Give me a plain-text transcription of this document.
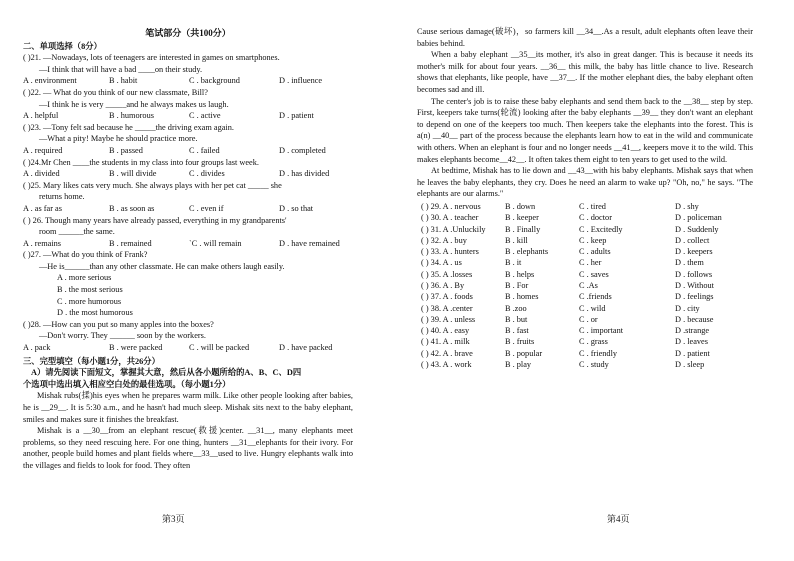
笔试部分（共100分）

二、单项选择（8分）

( )21. —Nowadays, lots of teenagers are interested in games on smartphones.

—I think that will have a bad ____on their study.

A . environment	B . habit	C . background	D . influence

( )22. — What do you think of our new classmate, Bill?

—I think he is very _____and he always makes us laugh.

A . helpful	B . humorous	C . active	D . patient

( )23. —Tony felt sad because he _____the driving exam again.

—What a pity! Maybe he should practice more.

A . required	B . passed	C . failed	D . completed

( )24.Mr Chen ____the students in my class into four groups last week.

A . divided	B . will divide	C . divides	D . has divided

( )25. Mary likes cats very much. She always plays with her pet cat _____ she

returns home.

A . as far as	B . as soon as	C . even if	D . so that

( ) 26. Though many years have already passed, everything in my grandparents'

room ______the same.

A . remains	B . remained	`C . will remain	D . have remained

( )27. —What do you think of Frank?

—He is______than any other classmate. He can make others laugh easily.

A . more serious

B . the most serious

C . more humorous

D . the most humorous

( )28. —How can you put so many apples into the boxes?

—Don't worry. They ______ soon by the workers.

A . pack	B . were packed	C . will be packed	D . have packed

三、完型填空（每小题1分，共26分）

A）请先阅读下面短文，掌握其大意，然后从各小题所给的A、B、C、D四

个选项中选出填入相应空白处的最佳选项。（每小题1分）

Mishak rubs(揉)his eyes when he prepares warm milk. Like other people looking after babies, he is __29__. It is 5:30 a.m., and he hasn't had much sleep. Mishak sits next to the baby elephant, smiles and makes sure it finishes the breakfast.

Mishak is a __30__from an elephant rescue(救援)center. __31__, many elephants meet problems, so they need rescuing here. For one thing, hunters __31__elephants for their ivory. For another, people build homes and plant fields where__33__used to live. Hungry elephants walk into the villages and fields to look for food. They often

第3页

Cause serious damage(破坏)，so farmers kill __34__.As a result, adult elephants often leave their babies behind.

When a baby elephant __35__its mother, it's also in great danger. This is because it needs its mother's milk for about four years. __36__ this milk, the baby has little chance to live. Research shows that elephants, like people, have __37__. If the mother elephant dies, the baby elephant often becomes sad and ill.

The center's job is to raise these baby elephants and send them back to the __38__ step by step. First, keepers take turns(轮流) looking after the baby elephants __39__ they don't want an elephant to depend on one of the keepers too much. Then keepers take the elephants into the forest. This is a(n) __40__ part of the process because the elephants learn how to eat in the wild and communicate with others. When an elephant is four and no longer needs __41__, keepers move it to the wild. This makes elephants become__42__. It often takes them eight to ten years to get used to the wild.

At bedtime, Mishak has to lie down and __43__with his baby elephants. Mishak says that when he leaves the baby elephants, they cry. Does he need an alarm to wake up? "Oh, no," he says. "The elephants are our alarms."

( ) 29. A . nervous	B . down	C . tired	D . shy

( ) 30. A . teacher	B . keeper	C . doctor	D . policeman

( ) 31. A .Unluckily	B . Finally	C . Excitedly	D . Suddenly

( ) 32. A . buy	B . kill	C . keep	D . collect

( ) 33. A . hunters	B . elephants	C . adults	D . keepers

( ) 34. A . us	B . it	C . her	D . them

( ) 35. A .losses	B . helps	C . saves	D . follows

( ) 36. A . By	B . For	C .As	D . Without

( ) 37. A . foods	B . homes	C .friends	D . feelings

( ) 38. A .center	B .zoo	C . wild	D . city

( ) 39. A . unless	B . but	C . or	D . because

( ) 40. A . easy	B . fast	C . important	D .strange

( ) 41. A . milk	B . fruits	C . grass	D . leaves

( ) 42. A . brave	B . popular	C . friendly	D . patient

( ) 43. A . work	B . play	C . study	D . sleep

第4页
